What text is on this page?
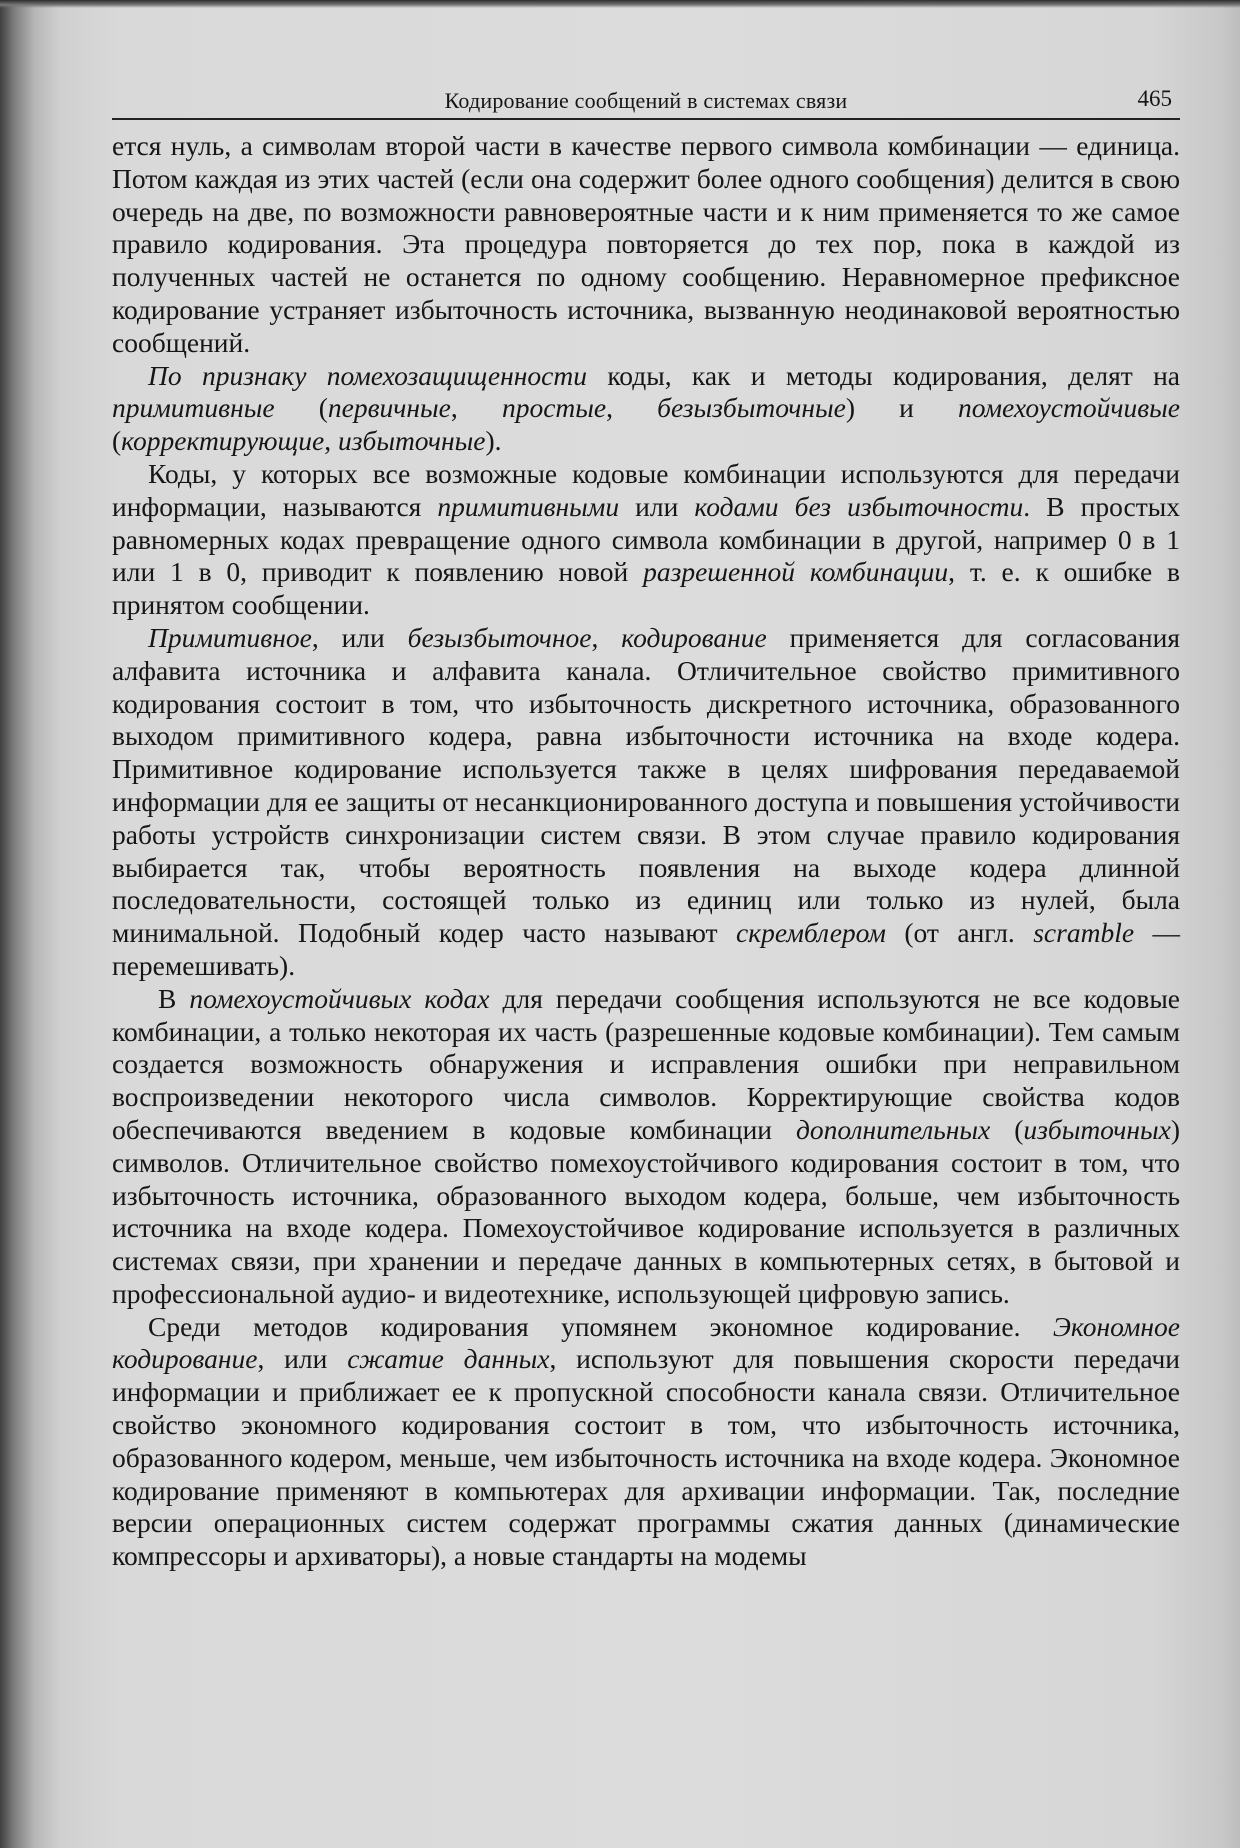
Кодирование сообщений в системах связи	465

ется нуль, а символам второй части в качестве первого символа комбинации — единица. Потом каждая из этих частей (если она содержит более одного сообщения) делится в свою очередь на две, по возможности равновероятные части и к ним применяется то же самое правило кодирования. Эта процедура повторяется до тех пор, пока в каждой из полученных частей не останется по одному сообщению. Неравномерное префиксное кодирование устраняет избыточность источника, вызванную неодинаковой вероятностью сообщений.

По признаку помехозащищенности коды, как и методы кодирования, делят на примитивные (первичные, простые, безызбыточные) и помехоустойчивые (корректирующие, избыточные).

Коды, у которых все возможные кодовые комбинации используются для передачи информации, называются примитивными или кодами без избыточности. В простых равномерных кодах превращение одного символа комбинации в другой, например 0 в 1 или 1 в 0, приводит к появлению новой разрешенной комбинации, т. е. к ошибке в принятом сообщении.

Примитивное, или безызбыточное, кодирование применяется для согласования алфавита источника и алфавита канала. Отличительное свойство примитивного кодирования состоит в том, что избыточность дискретного источника, образованного выходом примитивного кодера, равна избыточности источника на входе кодера. Примитивное кодирование используется также в целях шифрования передаваемой информации для ее защиты от несанкционированного доступа и повышения устойчивости работы устройств синхронизации систем связи. В этом случае правило кодирования выбирается так, чтобы вероятность появления на выходе кодера длинной последовательности, состоящей только из единиц или только из нулей, была минимальной. Подобный кодер часто называют скремблером (от англ. scramble — перемешивать).

В помехоустойчивых кодах для передачи сообщения используются не все кодовые комбинации, а только некоторая их часть (разрешенные кодовые комбинации). Тем самым создается возможность обнаружения и исправления ошибки при неправильном воспроизведении некоторого числа символов. Корректирующие свойства кодов обеспечиваются введением в кодовые комбинации дополнительных (избыточных) символов. Отличительное свойство помехоустойчивого кодирования состоит в том, что избыточность источника, образованного выходом кодера, больше, чем избыточность источника на входе кодера. Помехоустойчивое кодирование используется в различных системах связи, при хранении и передаче данных в компьютерных сетях, в бытовой и профессиональной аудио- и видеотехнике, использующей цифровую запись.

Среди методов кодирования упомянем экономное кодирование. Экономное кодирование, или сжатие данных, используют для повышения скорости передачи информации и приближает ее к пропускной способности канала связи. Отличительное свойство экономного кодирования состоит в том, что избыточность источника, образованного кодером, меньше, чем избыточность источника на входе кодера. Экономное кодирование применяют в компьютерах для архивации информации. Так, последние версии операционных систем содержат программы сжатия данных (динамические компрессоры и архиваторы), а новые стандарты на модемы
